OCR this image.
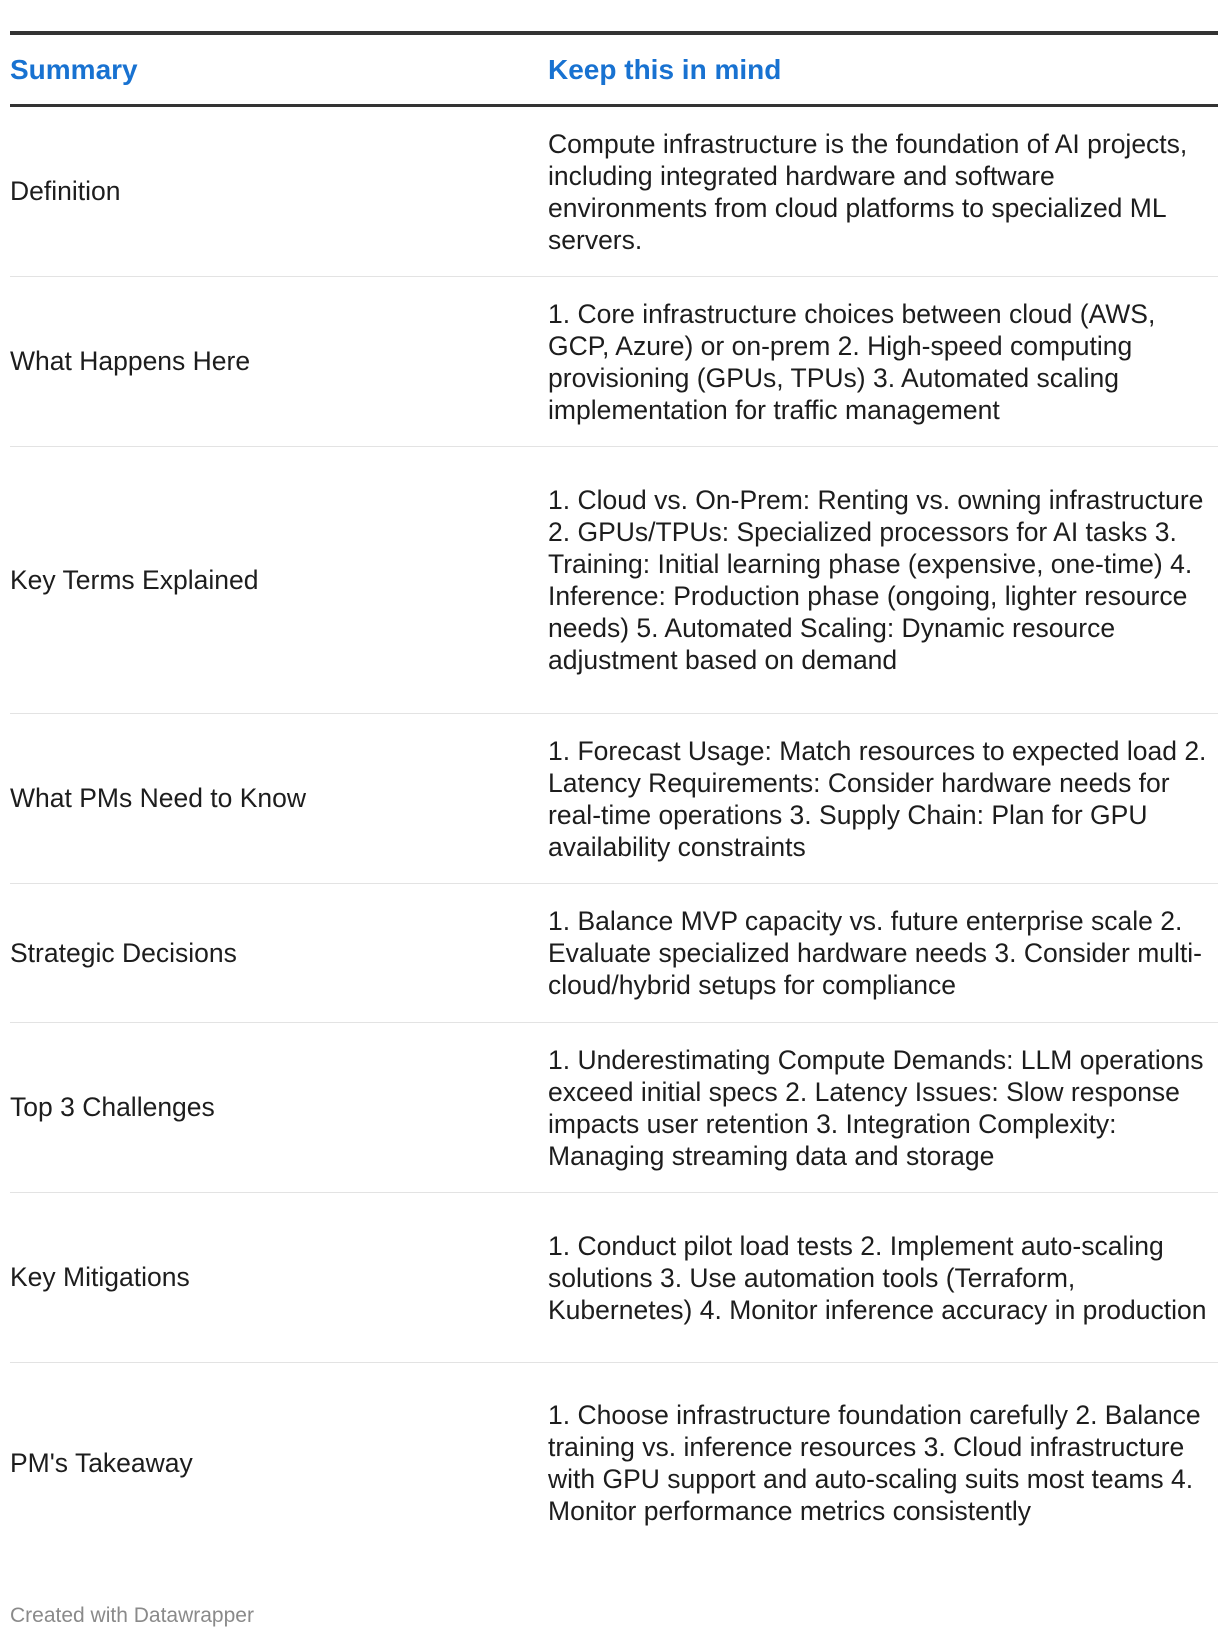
Summary	Keep this in mind
Definition
Compute infrastructure is the foundation of AI projects, including integrated hardware and software environments from cloud platforms to specialized ML servers.
What Happens Here
1. Core infrastructure choices between cloud (AWS, GCP, Azure) or on-prem 2. High-speed computing provisioning (GPUs, TPUs) 3. Automated scaling implementation for traffic management
Key Terms Explained
1. Cloud vs. On-Prem: Renting vs. owning infrastructure 2. GPUs/TPUs: Specialized processors for AI tasks 3. Training: Initial learning phase (expensive, one-time) 4. Inference: Production phase (ongoing, lighter resource needs) 5. Automated Scaling: Dynamic resource adjustment based on demand
What PMs Need to Know
1. Forecast Usage: Match resources to expected load 2. Latency Requirements: Consider hardware needs for real-time operations 3. Supply Chain: Plan for GPU availability constraints
Strategic Decisions
1. Balance MVP capacity vs. future enterprise scale 2. Evaluate specialized hardware needs 3. Consider multi-cloud/hybrid setups for compliance
Top 3 Challenges
1. Underestimating Compute Demands: LLM operations exceed initial specs 2. Latency Issues: Slow response impacts user retention 3. Integration Complexity: Managing streaming data and storage
Key Mitigations
1. Conduct pilot load tests 2. Implement auto-scaling solutions 3. Use automation tools (Terraform, Kubernetes) 4. Monitor inference accuracy in production
PM's Takeaway
1. Choose infrastructure foundation carefully 2. Balance training vs. inference resources 3. Cloud infrastructure with GPU support and auto-scaling suits most teams 4. Monitor performance metrics consistently
Created with Datawrapper
